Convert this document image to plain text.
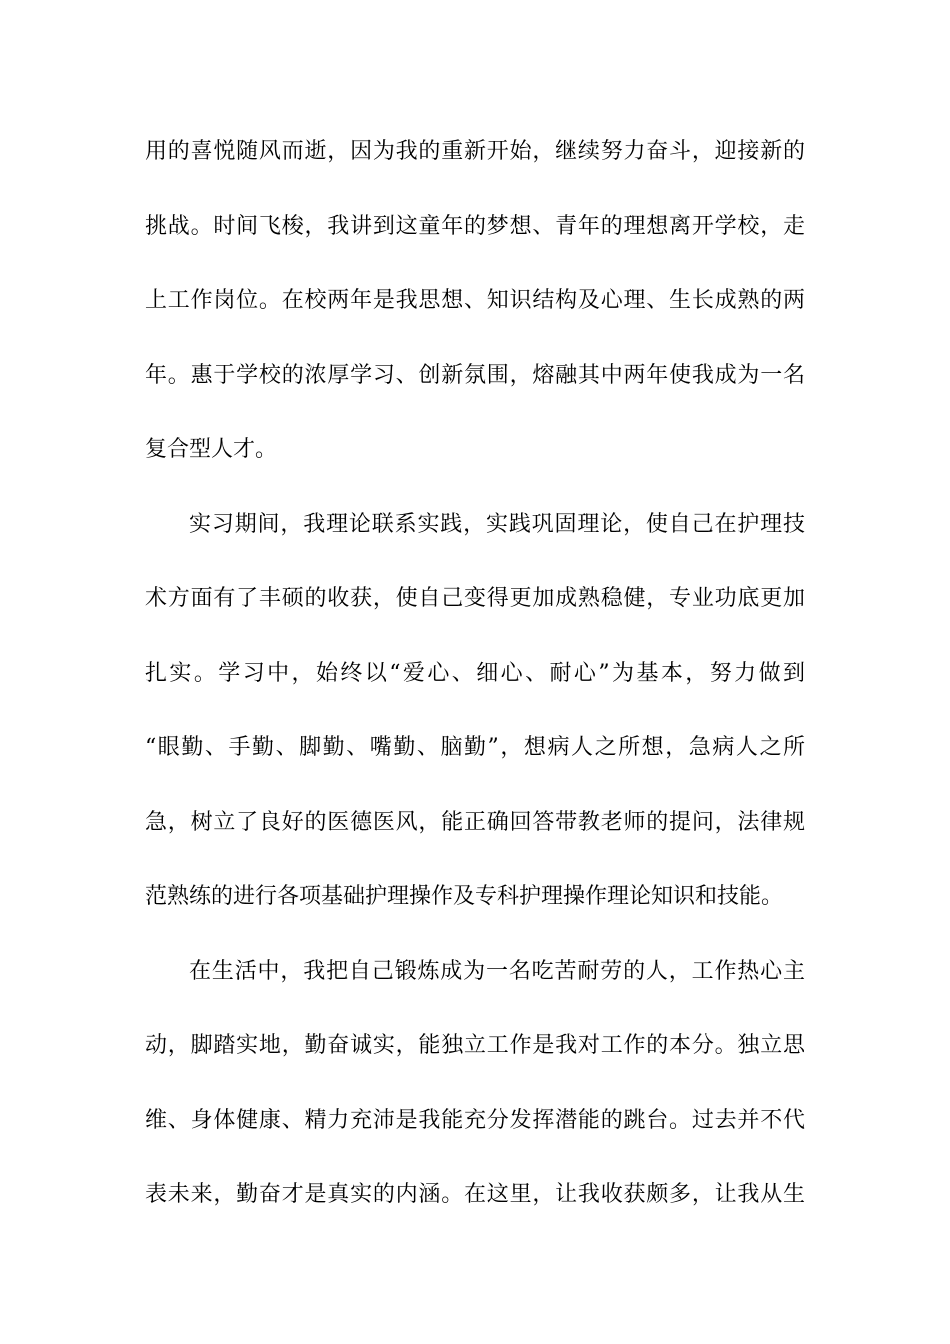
用的喜悦随风而逝，因为我的重新开始，继续努力奋斗，迎接新的
挑战。时间飞梭，我讲到这童年的梦想、青年的理想离开学校，走
上工作岗位。在校两年是我思想、知识结构及心理、生长成熟的两
年。惠于学校的浓厚学习、创新氛围，熔融其中两年使我成为一名
复合型人才。
实习期间，我理论联系实践，实践巩固理论，使自己在护理技
术方面有了丰硕的收获，使自己变得更加成熟稳健，专业功底更加
扎实。学习中，始终以“爱心、细心、耐心”为基本，努力做到
“眼勤、手勤、脚勤、嘴勤、脑勤”，想病人之所想，急病人之所
急，树立了良好的医德医风，能正确回答带教老师的提问，法律规
范熟练的进行各项基础护理操作及专科护理操作理论知识和技能。
在生活中，我把自己锻炼成为一名吃苦耐劳的人，工作热心主
动，脚踏实地，勤奋诚实，能独立工作是我对工作的本分。独立思
维、身体健康、精力充沛是我能充分发挥潜能的跳台。过去并不代
表未来，勤奋才是真实的内涵。在这里，让我收获颇多，让我从生
